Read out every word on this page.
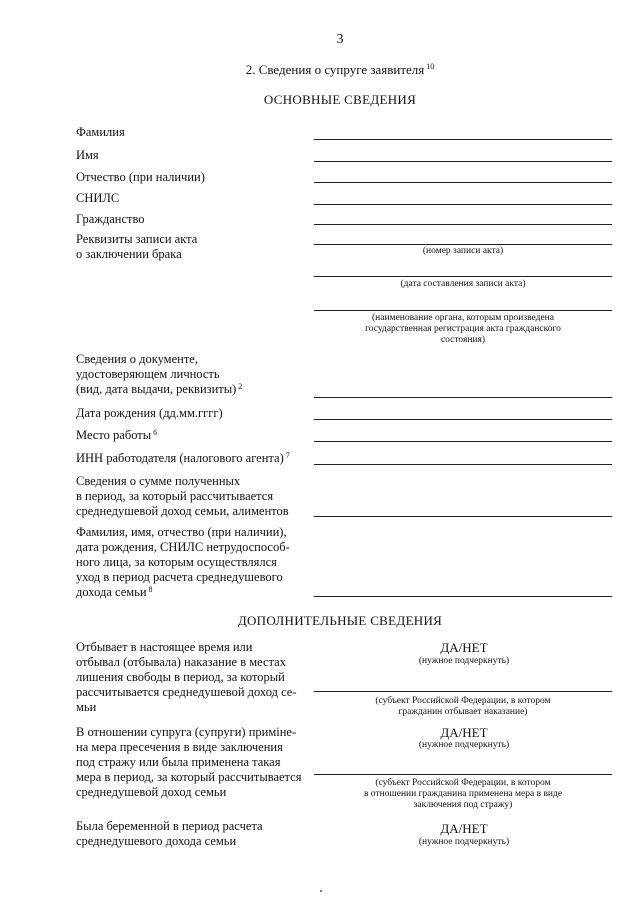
3
2. Сведения о супруге заявителя $^{10}$
ОСНОВНЫЕ СВЕДЕНИЯ
Фамилия
Имя
Отчество (при наличии)
СНИЛС
Гражданство
Реквизиты записи акта
о заключении брака	(номер записи акта)
(дата составления записи акта)
(наименование органа, которым произведена
государственная регистрация акта гражданского
состояния)
Сведения о документе,
удостоверяющем личность
(вид, дата выдачи, реквизиты) $^2$
Дата рождения (дд.мм.гггг)
Место работы $^6$
ИНН работодателя (налогового агента) $^7$
Сведения о сумме полученных
в период, за который рассчитывается
среднедушевой доход семьи, алиментов
Фамилия, имя, отчество (при наличии),
дата рождения, СНИЛС нетрудоспособ-
ного лица, за которым осуществлялся
уход в период расчета среднедушевого
дохода семьи $^8$
ДОПОЛНИТЕЛЬНЫЕ СВЕДЕНИЯ
Отбывает в настоящее время или
отбывал (отбывала) наказание в местах
лишения свободы в период, за который
рассчитывается среднедушевой доход се-
мьи
ДА/НЕТ
(нужное подчеркнуть)
(субъект Российской Федерации, в котором
гражданин отбывает наказание)
В отношении супруга (супруги) приміне-
на мера пресечения в виде заключения
под стражу или была применена такая
мера в период, за который рассчитывается
среднедушевой доход семьи
ДА/НЕТ
(нужное подчеркнуть)
(субъект Российской Федерации, в котором
в отношении гражданина применена мера в виде
заключения под стражу)
Была беременной в период расчета
среднедушевого дохода семьи
ДА/НЕТ
(нужное подчеркнуть)
